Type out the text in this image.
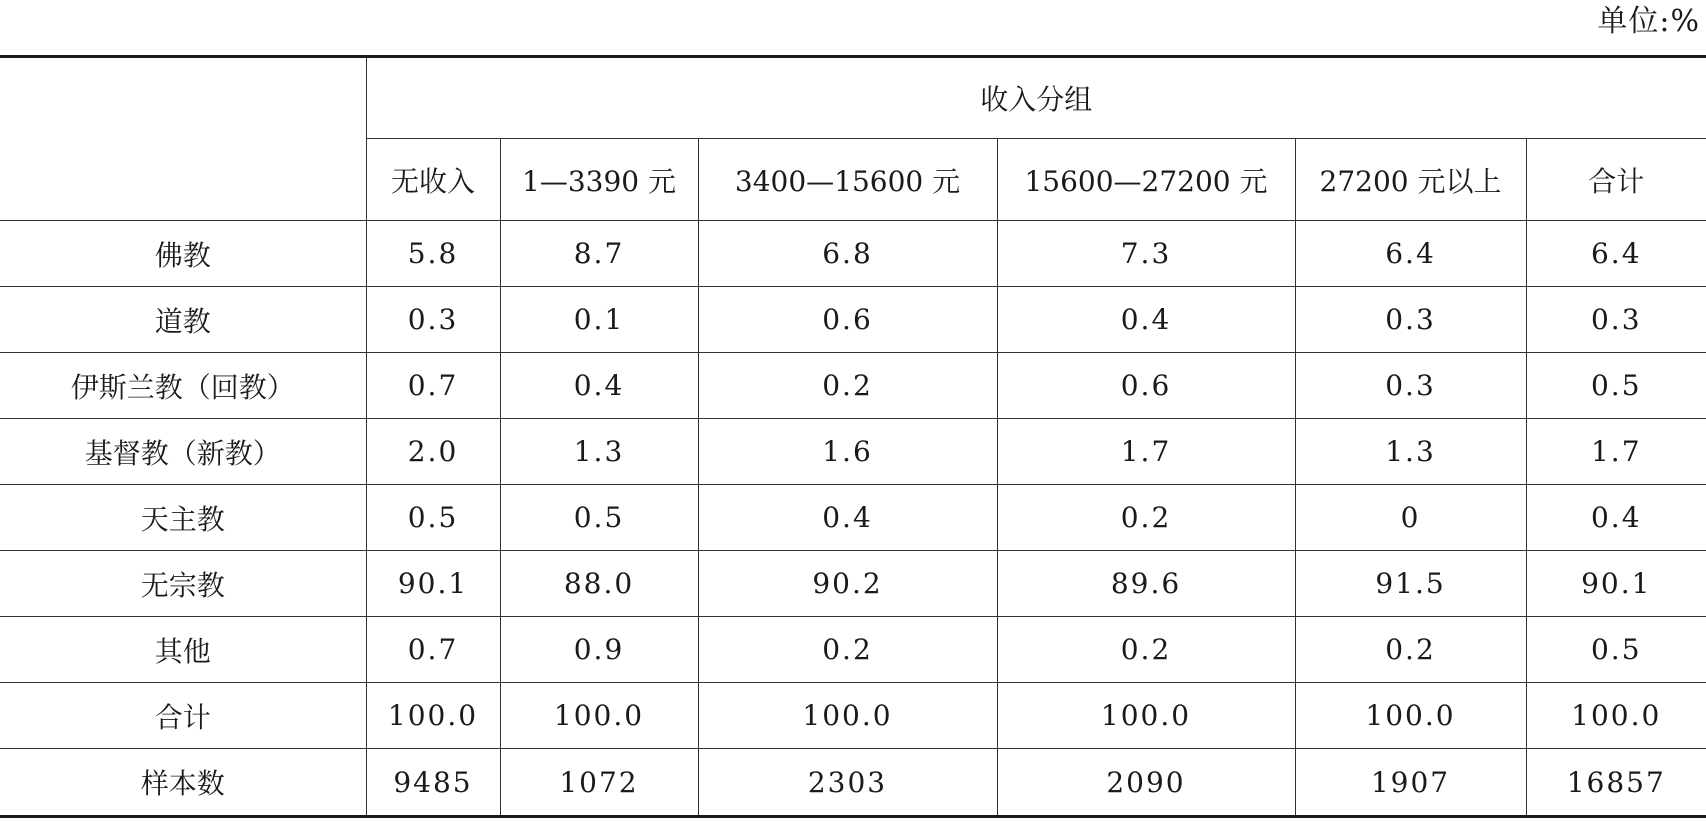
单位:%
	收入分组					
	无收入	1—3390 元	3400—15600 元	15600—27200 元	27200 元以上	合计
佛教	5.8	8.7	6.8	7.3	6.4	6.4
道教	0.3	0.1	0.6	0.4	0.3	0.3
伊斯兰教（回教）	0.7	0.4	0.2	0.6	0.3	0.5
基督教（新教）	2.0	1.3	1.6	1.7	1.3	1.7
天主教	0.5	0.5	0.4	0.2	0	0.4
无宗教	90.1	88.0	90.2	89.6	91.5	90.1
其他	0.7	0.9	0.2	0.2	0.2	0.5
合计	100.0	100.0	100.0	100.0	100.0	100.0
样本数	9485	1072	2303	2090	1907	16857
